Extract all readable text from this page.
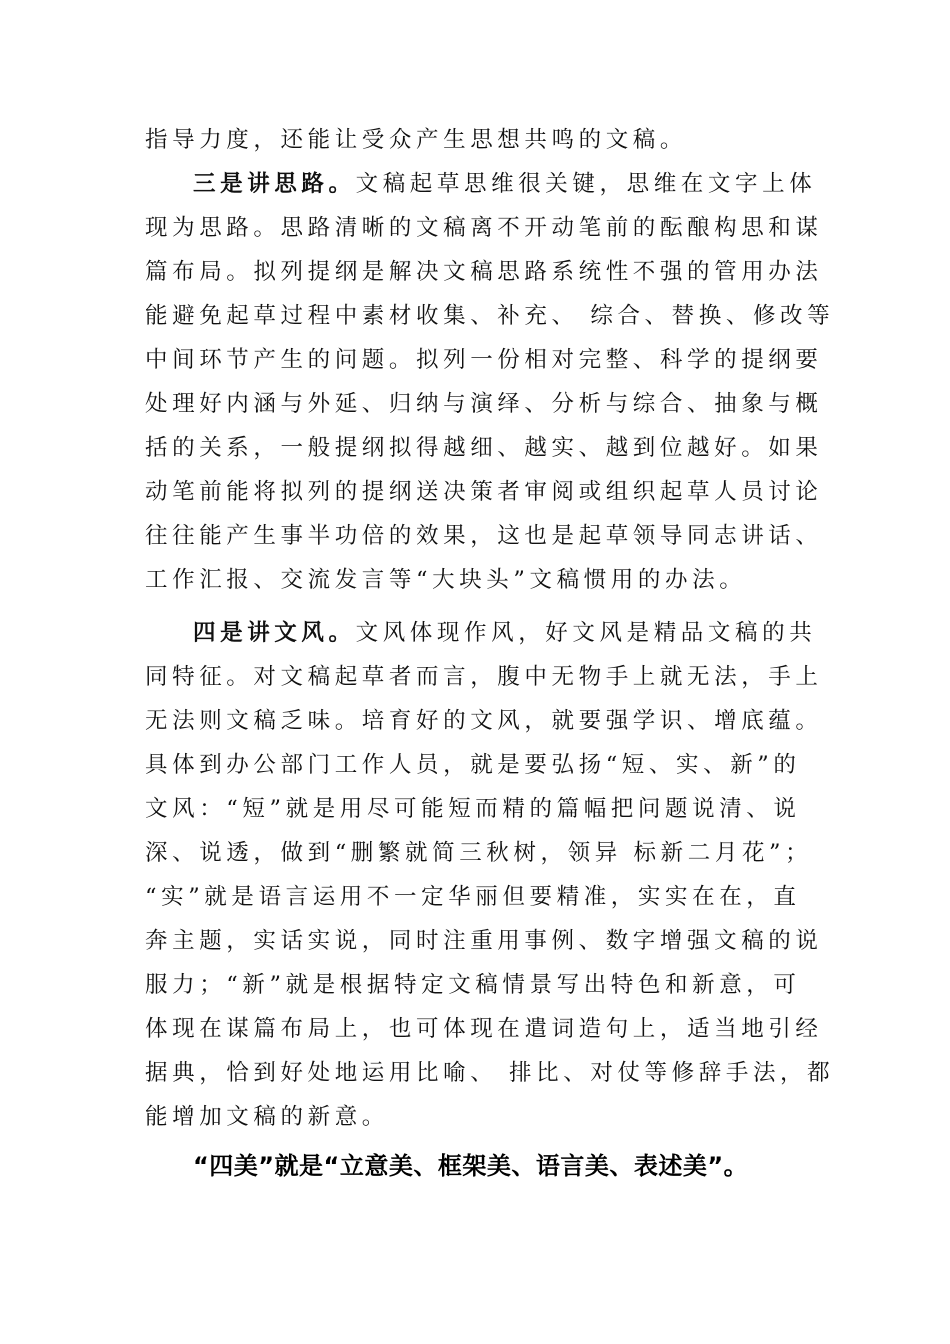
指导力度，还能让受众产生思想共鸣的文稿。
三是讲思路。文稿起草思维很关键，思维在文字上体
现为思路。思路清晰的文稿离不开动笔前的酝酿构思和谋
篇布局。拟列提纲是解决文稿思路系统性不强的管用办法
能避免起草过程中素材收集、补充、 综合、替换、修改等
中间环节产生的问题。拟列一份相对完整、科学的提纲要
处理好内涵与外延、归纳与演绎、分析与综合、抽象与概
括的关系，一般提纲拟得越细、越实、越到位越好。如果
动笔前能将拟列的提纲送决策者审阅或组织起草人员讨论
往往能产生事半功倍的效果，这也是起草领导同志讲话、
工作汇报、交流发言等“大块头”文稿惯用的办法。
四是讲文风。文风体现作风，好文风是精品文稿的共
同特征。对文稿起草者而言，腹中无物手上就无法，手上
无法则文稿乏味。培育好的文风，就要强学识、增底蕴。
具体到办公部门工作人员，就是要弘扬“短、实、新”的
文风：“短”就是用尽可能短而精的篇幅把问题说清、说
深、说透，做到“删繁就简三秋树，领异 标新二月花”；
“实”就是语言运用不一定华丽但要精准，实实在在，直
奔主题，实话实说，同时注重用事例、数字增强文稿的说
服力；“新”就是根据特定文稿情景写出特色和新意，可
体现在谋篇布局上，也可体现在遣词造句上，适当地引经
据典，恰到好处地运用比喻、 排比、对仗等修辞手法，都
能增加文稿的新意。
“四美”就是“立意美、框架美、语言美、表述美”。
